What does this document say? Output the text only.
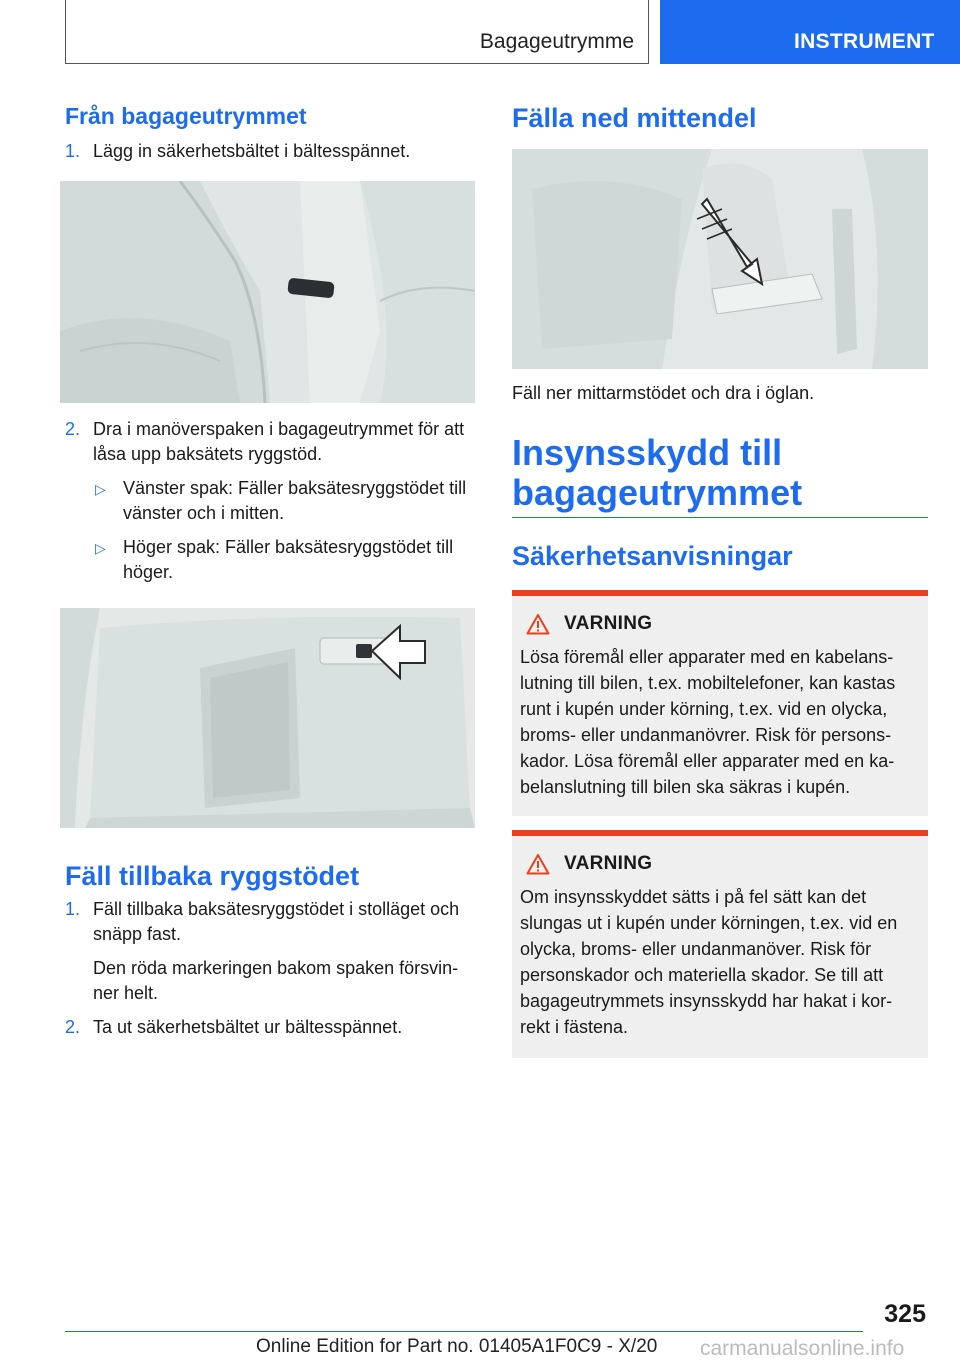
Bagageutrymme	INSTRUMENT
Från bagageutrymmet
1. Lägg in säkerhetsbältet i bältesspännet.
2. Dra i manöverspaken i bagageutrymmet för att låsa upp baksätets ryggstöd.
▷ Vänster spak: Fäller baksätesryggstödet till vänster och i mitten.
▷ Höger spak: Fäller baksätesryggstödet till höger.
Fäll tillbaka ryggstödet
1. Fäll tillbaka baksätesryggstödet i stolläget och snäpp fast.
Den röda markeringen bakom spaken försvin-ner helt.
2. Ta ut säkerhetsbältet ur bältesspännet.
Fälla ned mittendel
Fäll ner mittarmstödet och dra i öglan.
Insynsskydd till bagageutrymmet
Säkerhetsanvisningar
VARNING
Lösa föremål eller apparater med en kabelans-lutning till bilen, t.ex. mobiltelefoner, kan kastas runt i kupén under körning, t.ex. vid en olycka, broms- eller undanmanövrer. Risk för persons-kador. Lösa föremål eller apparater med en ka-belanslutning till bilen ska säkras i kupén.
VARNING
Om insynsskyddet sätts i på fel sätt kan det slungas ut i kupén under körningen, t.ex. vid en olycka, broms- eller undanmanöver. Risk för personskador och materiella skador. Se till att bagageutrymmets insynsskydd har hakat i kor-rekt i fästena.
325
Online Edition for Part no. 01405A1F0C9 - X/20 carmanualsonline.info
